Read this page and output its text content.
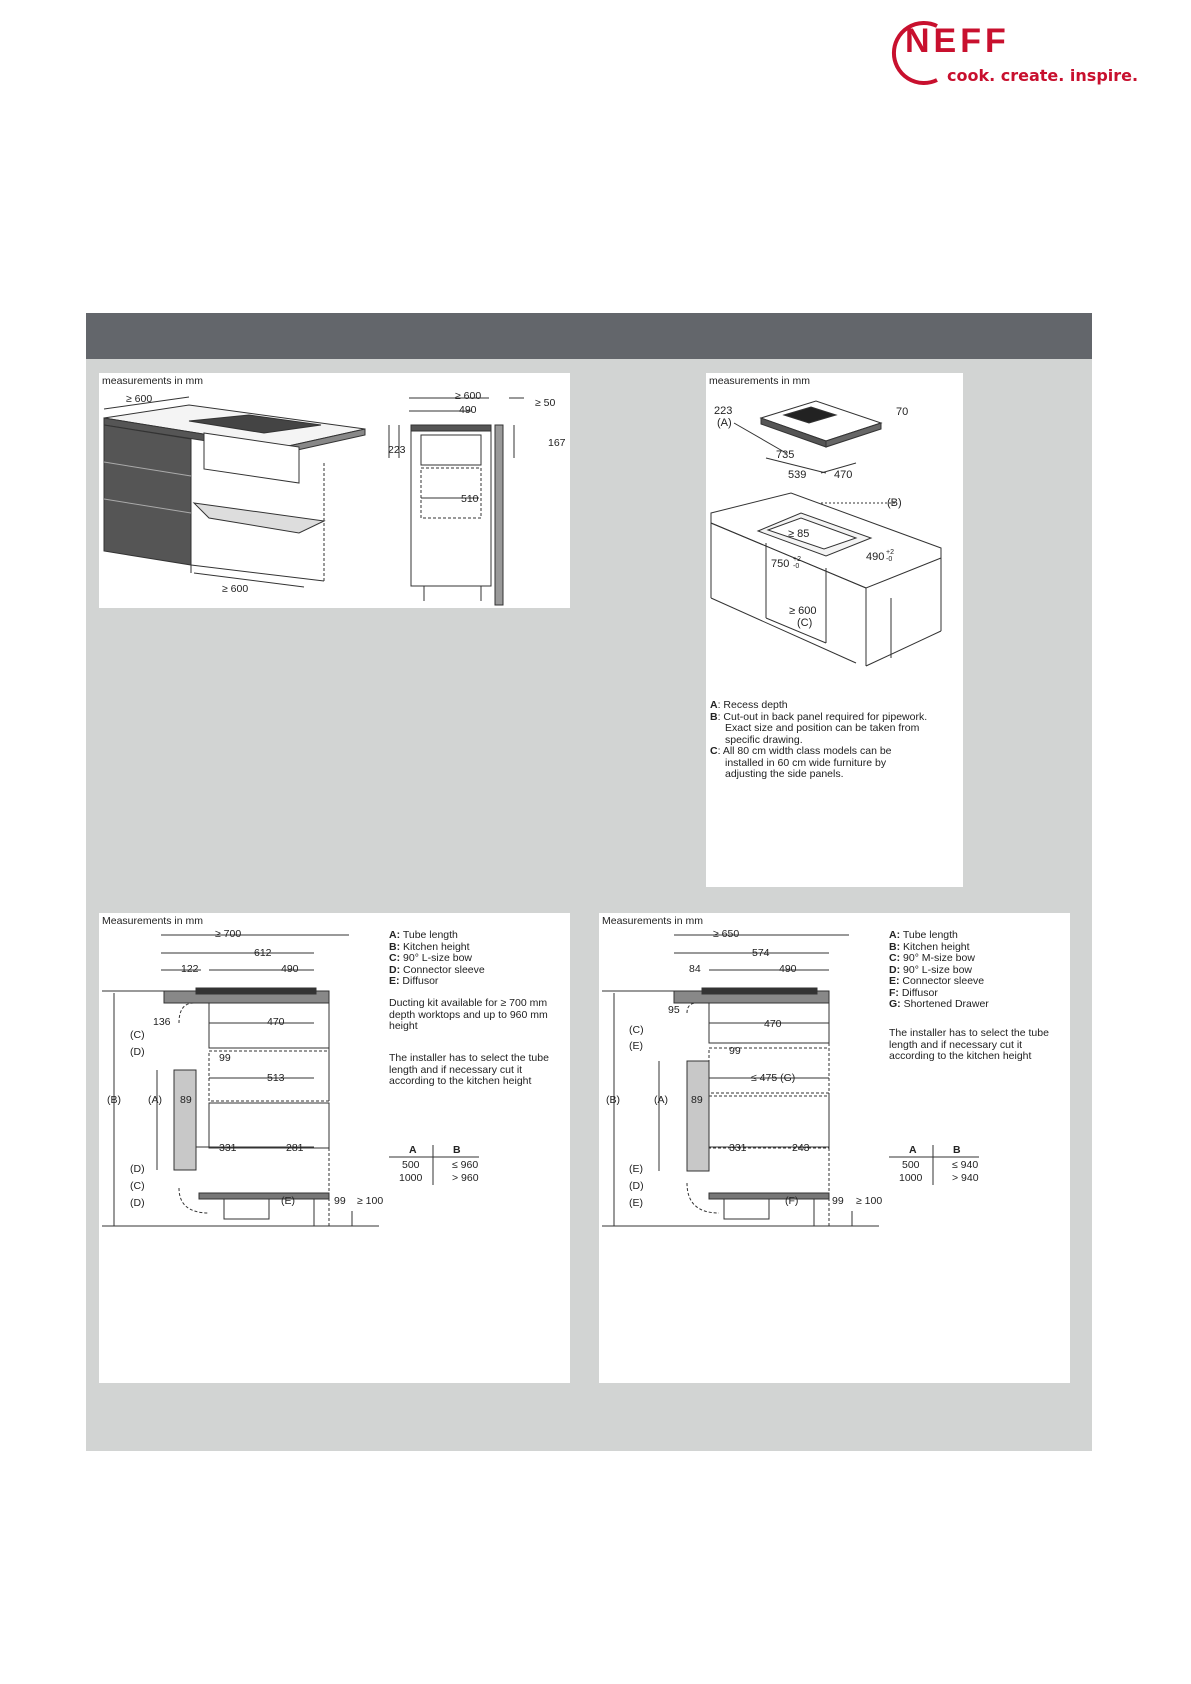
NEFF
cook. create. inspire.
measurements in mm
≥ 600
≥ 600
≥ 600
490
≥ 50
223
167
510
measurements in mm
223
(A)
70
735
539	470
(B)
≥ 85
750 +2
-0
490 +2
-0
≥ 600
(C)
A: Recess depth
B: Cut-out in back panel required for pipework.
Exact size and position can be taken from
specific drawing.
C: All 80 cm width class models can be
installed in 60 cm wide furniture by
adjusting the side panels.
Measurements in mm
≥ 700
612
122	490
136	470
(C)
(D)	99
513
(B)	(A) 89
331	281
(D)
(C)
(D)	(E)	99 ≥ 100
A: Tube length
B: Kitchen height
C: 90° L-size bow
D: Connector sleeve
E: Diffusor
Ducting kit available for ≥ 700 mm
depth worktops and up to 960 mm
height
The installer has to select the tube
length and if necessary cut it
according to the kitchen height
A	B
500	≤ 960
1000	> 960
Measurements in mm
≥ 650
574
84	490
95
470
(C)
(E)	99
≤ 475 (G)
(B)	(A) 89
331	243
(E)
(D)
(E)	(F)	99 ≥ 100
A: Tube length
B: Kitchen height
C: 90° M-size bow
D: 90° L-size bow
E: Connector sleeve
F: Diffusor
G: Shortened Drawer
The installer has to select the tube
length and if necessary cut it
according to the kitchen height
A	B
500	≤ 940
1000	> 940
